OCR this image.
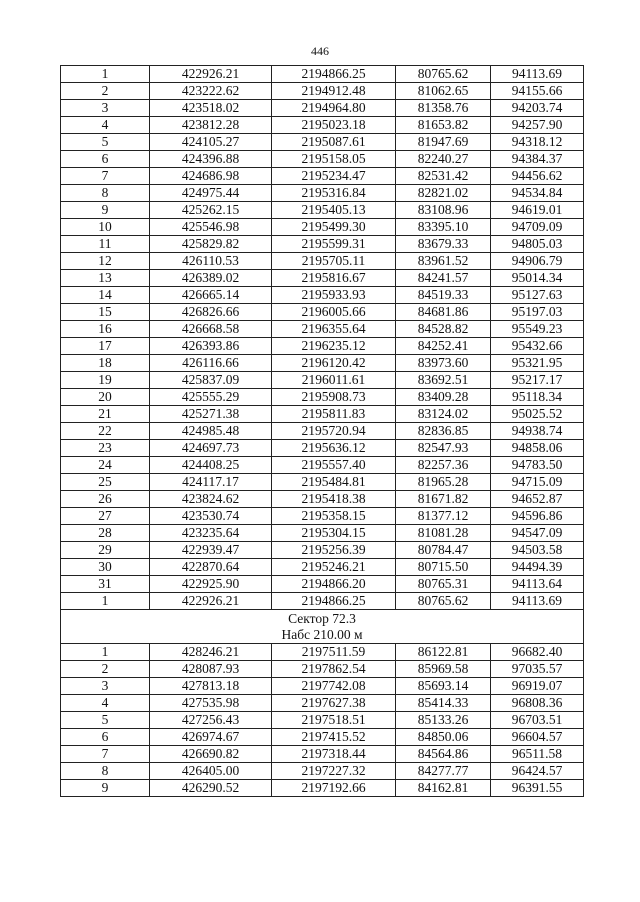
446
1	422926.21	2194866.25	80765.62	94113.69
2	423222.62	2194912.48	81062.65	94155.66
3	423518.02	2194964.80	81358.76	94203.74
4	423812.28	2195023.18	81653.82	94257.90
5	424105.27	2195087.61	81947.69	94318.12
6	424396.88	2195158.05	82240.27	94384.37
7	424686.98	2195234.47	82531.42	94456.62
8	424975.44	2195316.84	82821.02	94534.84
9	425262.15	2195405.13	83108.96	94619.01
10	425546.98	2195499.30	83395.10	94709.09
11	425829.82	2195599.31	83679.33	94805.03
12	426110.53	2195705.11	83961.52	94906.79
13	426389.02	2195816.67	84241.57	95014.34
14	426665.14	2195933.93	84519.33	95127.63
15	426826.66	2196005.66	84681.86	95197.03
16	426668.58	2196355.64	84528.82	95549.23
17	426393.86	2196235.12	84252.41	95432.66
18	426116.66	2196120.42	83973.60	95321.95
19	425837.09	2196011.61	83692.51	95217.17
20	425555.29	2195908.73	83409.28	95118.34
21	425271.38	2195811.83	83124.02	95025.52
22	424985.48	2195720.94	82836.85	94938.74
23	424697.73	2195636.12	82547.93	94858.06
24	424408.25	2195557.40	82257.36	94783.50
25	424117.17	2195484.81	81965.28	94715.09
26	423824.62	2195418.38	81671.82	94652.87
27	423530.74	2195358.15	81377.12	94596.86
28	423235.64	2195304.15	81081.28	94547.09
29	422939.47	2195256.39	80784.47	94503.58
30	422870.64	2195246.21	80715.50	94494.39
31	422925.90	2194866.20	80765.31	94113.64
1	422926.21	2194866.25	80765.62	94113.69

Сектор 72.3
Набс 210.00 м				

1	428246.21	2197511.59	86122.81	96682.40
2	428087.93	2197862.54	85969.58	97035.57
3	427813.18	2197742.08	85693.14	96919.07
4	427535.98	2197627.38	85414.33	96808.36
5	427256.43	2197518.51	85133.26	96703.51
6	426974.67	2197415.52	84850.06	96604.57
7	426690.82	2197318.44	84564.86	96511.58
8	426405.00	2197227.32	84277.77	96424.57
9	426290.52	2197192.66	84162.81	96391.55
